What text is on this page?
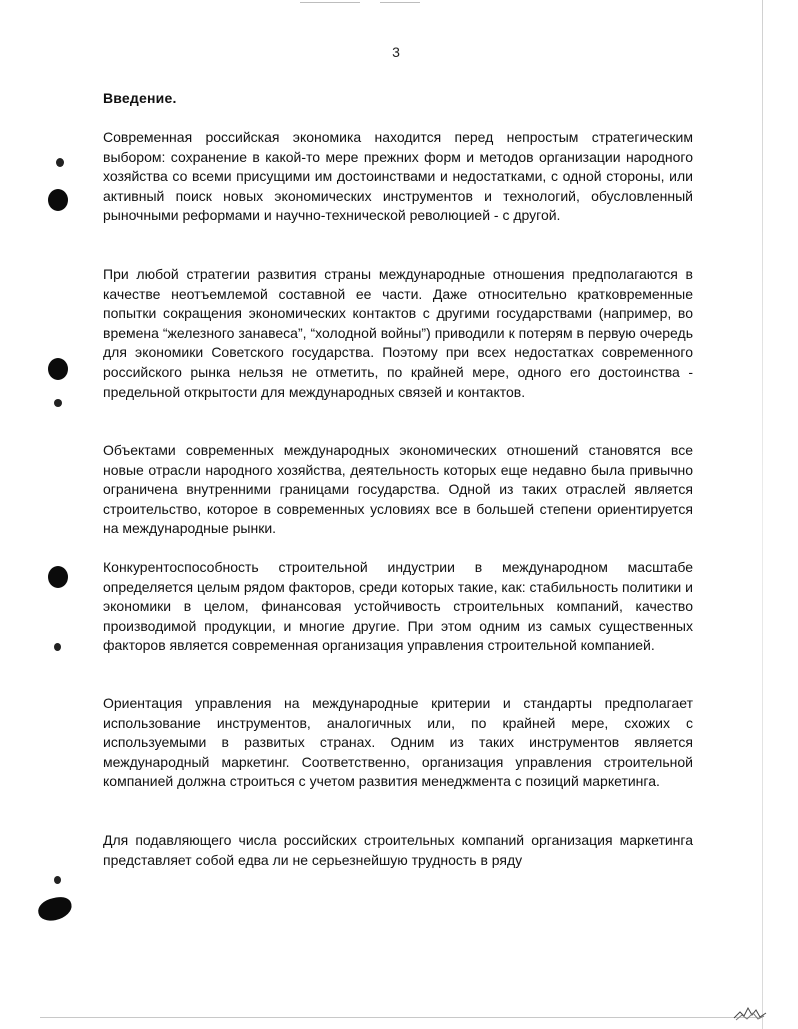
3
Введение.
Современная российская экономика находится перед непростым стратегическим выбором: сохранение в какой-то мере прежних форм и методов организации народного хозяйства со всеми присущими им достоинствами и недостатками, с одной стороны, или активный поиск новых экономических инструментов и технологий, обусловленный рыночными реформами и научно-технической революцией - с другой.
При любой стратегии развития страны международные отношения предполагаются в качестве неотъемлемой составной ее части. Даже относительно кратковременные попытки сокращения экономических контактов с другими государствами (например, во времена “железного занавеса”, “холодной войны”) приводили к потерям в первую очередь для экономики Советского государства. Поэтому при всех недостатках современного российского рынка нельзя не отметить, по крайней мере, одного его достоинства - предельной открытости для международных связей и контактов.
Объектами современных международных экономических отношений становятся все новые отрасли народного хозяйства, деятельность которых еще недавно была привычно ограничена внутренними границами государства. Одной из таких отраслей является строительство, которое в современных условиях все в большей степени ориентируется на международные рынки.
Конкурентоспособность строительной индустрии в международном масштабе определяется целым рядом факторов, среди которых такие, как: стабильность политики и экономики в целом, финансовая устойчивость строительных компаний, качество производимой продукции, и многие другие. При этом одним из самых существенных факторов является современная организация управления строительной компанией.
Ориентация управления на международные критерии и стандарты предполагает использование инструментов, аналогичных или, по крайней мере, схожих с используемыми в развитых странах. Одним из таких инструментов является международный маркетинг. Соответственно, организация управления строительной компанией должна строиться с учетом развития менеджмента с позиций маркетинга.
Для подавляющего числа российских строительных компаний организация маркетинга представляет собой едва ли не серьезнейшую трудность в ряду
